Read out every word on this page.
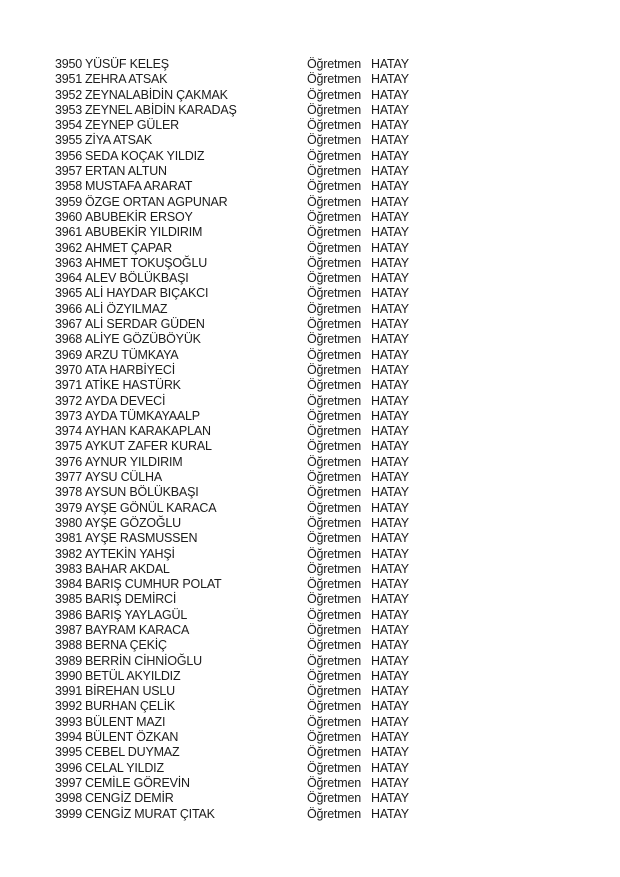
3950 YÜSÜF KELEŞ	Öğretmen HATAY
3951 ZEHRA ATSAK	Öğretmen HATAY
3952 ZEYNALABİDİN ÇAKMAK	Öğretmen HATAY
3953 ZEYNEL ABİDİN KARADAŞ	Öğretmen HATAY
3954 ZEYNEP GÜLER	Öğretmen HATAY
3955 ZİYA ATSAK	Öğretmen HATAY
3956 SEDA KOÇAK YILDIZ	Öğretmen HATAY
3957 ERTAN ALTUN	Öğretmen HATAY
3958 MUSTAFA ARARAT	Öğretmen HATAY
3959 ÖZGE ORTAN AGPUNAR	Öğretmen HATAY
3960 ABUBEKİR ERSOY	Öğretmen HATAY
3961 ABUBEKİR YILDIRIM	Öğretmen HATAY
3962 AHMET ÇAPAR	Öğretmen HATAY
3963 AHMET TOKUŞOĞLU	Öğretmen HATAY
3964 ALEV BÖLÜKBAŞI	Öğretmen HATAY
3965 ALİ HAYDAR BIÇAKCI	Öğretmen HATAY
3966 ALİ ÖZYILMAZ	Öğretmen HATAY
3967 ALİ SERDAR GÜDEN	Öğretmen HATAY
3968 ALİYE GÖZÜBÖYÜK	Öğretmen HATAY
3969 ARZU TÜMKAYA	Öğretmen HATAY
3970 ATA HARBİYECİ	Öğretmen HATAY
3971 ATİKE HASTÜRK	Öğretmen HATAY
3972 AYDA DEVECİ	Öğretmen HATAY
3973 AYDA TÜMKAYAALP	Öğretmen HATAY
3974 AYHAN KARAKAPLAN	Öğretmen HATAY
3975 AYKUT ZAFER KURAL	Öğretmen HATAY
3976 AYNUR YILDIRIM	Öğretmen HATAY
3977 AYSU CÜLHA	Öğretmen HATAY
3978 AYSUN BÖLÜKBAŞI	Öğretmen HATAY
3979 AYŞE GÖNÜL KARACA	Öğretmen HATAY
3980 AYŞE GÖZOĞLU	Öğretmen HATAY
3981 AYŞE RASMUSSEN	Öğretmen HATAY
3982 AYTEKİN YAHŞİ	Öğretmen HATAY
3983 BAHAR AKDAL	Öğretmen HATAY
3984 BARIŞ CUMHUR POLAT	Öğretmen HATAY
3985 BARIŞ DEMİRCİ	Öğretmen HATAY
3986 BARIŞ YAYLAGÜL	Öğretmen HATAY
3987 BAYRAM KARACA	Öğretmen HATAY
3988 BERNA ÇEKİÇ	Öğretmen HATAY
3989 BERRİN CİHNİOĞLU	Öğretmen HATAY
3990 BETÜL AKYILDIZ	Öğretmen HATAY
3991 BİREHAN USLU	Öğretmen HATAY
3992 BURHAN ÇELİK	Öğretmen HATAY
3993 BÜLENT MAZI	Öğretmen HATAY
3994 BÜLENT ÖZKAN	Öğretmen HATAY
3995 CEBEL DUYMAZ	Öğretmen HATAY
3996 CELAL YILDIZ	Öğretmen HATAY
3997 CEMİLE GÖREVİN	Öğretmen HATAY
3998 CENGİZ DEMİR	Öğretmen HATAY
3999 CENGİZ MURAT ÇITAK	Öğretmen HATAY
